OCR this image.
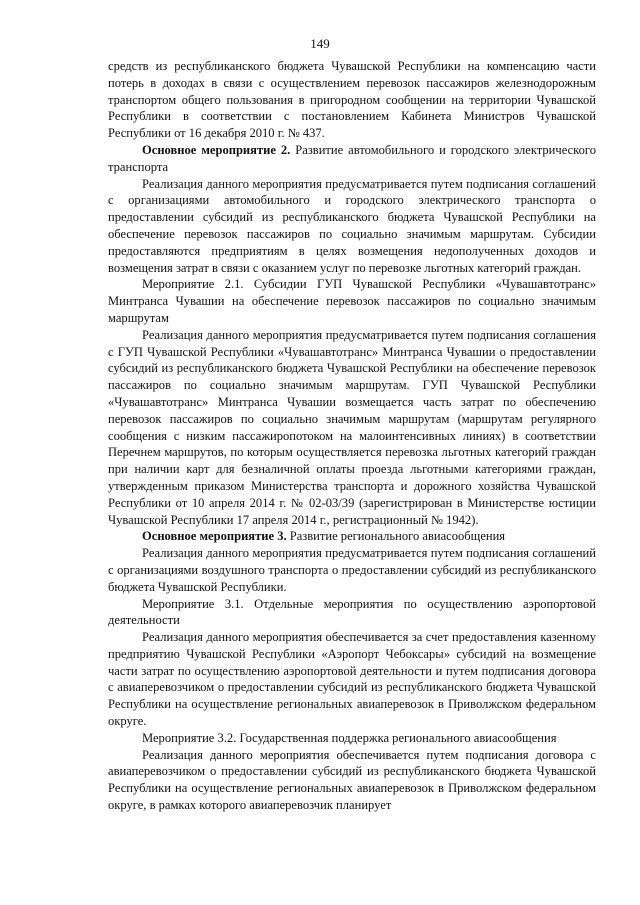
149

средств из республиканского бюджета Чувашской Республики на компенсацию части потерь в доходах в связи с осуществлением перевозок пассажиров железнодорожным транспортом общего пользования в пригородном сообщении на территории Чувашской Республики в соответствии с постановлением Кабинета Министров Чувашской Республики от 16 декабря 2010 г. № 437.

Основное мероприятие 2. Развитие автомобильного и городского электрического транспорта

Реализация данного мероприятия предусматривается путем подписания соглашений с организациями автомобильного и городского электрического транспорта о предоставлении субсидий из республиканского бюджета Чувашской Республики на обеспечение перевозок пассажиров по социально значимым маршрутам. Субсидии предоставляются предприятиям в целях возмещения недополученных доходов и возмещения затрат в связи с оказанием услуг по перевозке льготных категорий граждан.

Мероприятие 2.1. Субсидии ГУП Чувашской Республики «Чувашавтотранс» Минтранса Чувашии на обеспечение перевозок пассажиров по социально значимым маршрутам

Реализация данного мероприятия предусматривается путем подписания соглашения с ГУП Чувашской Республики «Чувашавтотранс» Минтранса Чувашии о предоставлении субсидий из республиканского бюджета Чувашской Республики на обеспечение перевозок пассажиров по социально значимым маршрутам. ГУП Чувашской Республики «Чувашавтотранс» Минтранса Чувашии возмещается часть затрат по обеспечению перевозок пассажиров по социально значимым маршрутам (маршрутам регулярного сообщения с низким пассажиропотоком на малоинтенсивных линиях) в соответствии Перечнем маршрутов, по которым осуществляется перевозка льготных категорий граждан при наличии карт для безналичной оплаты проезда льготными категориями граждан, утвержденным приказом Министерства транспорта и дорожного хозяйства Чувашской Республики от 10 апреля 2014 г. № 02-03/39 (зарегистрирован в Министерстве юстиции Чувашской Республики 17 апреля 2014 г., регистрационный № 1942).

Основное мероприятие 3. Развитие регионального авиасообщения

Реализация данного мероприятия предусматривается путем подписания соглашений с организациями воздушного транспорта о предоставлении субсидий из республиканского бюджета Чувашской Республики.

Мероприятие 3.1. Отдельные мероприятия по осуществлению аэропортовой деятельности

Реализация данного мероприятия обеспечивается за счет предоставления казенному предприятию Чувашской Республики «Аэропорт Чебоксары» субсидий на возмещение части затрат по осуществлению аэропортовой деятельности и путем подписания договора с авиаперевозчиком о предоставлении субсидий из республиканского бюджета Чувашской Республики на осуществление региональных авиаперевозок в Приволжском федеральном округе.

Мероприятие 3.2. Государственная поддержка регионального авиасообщения

Реализация данного мероприятия обеспечивается путем подписания договора с авиаперевозчиком о предоставлении субсидий из республиканского бюджета Чувашской Республики на осуществление региональных авиаперевозок в Приволжском федеральном округе, в рамках которого авиаперевозчик планирует
